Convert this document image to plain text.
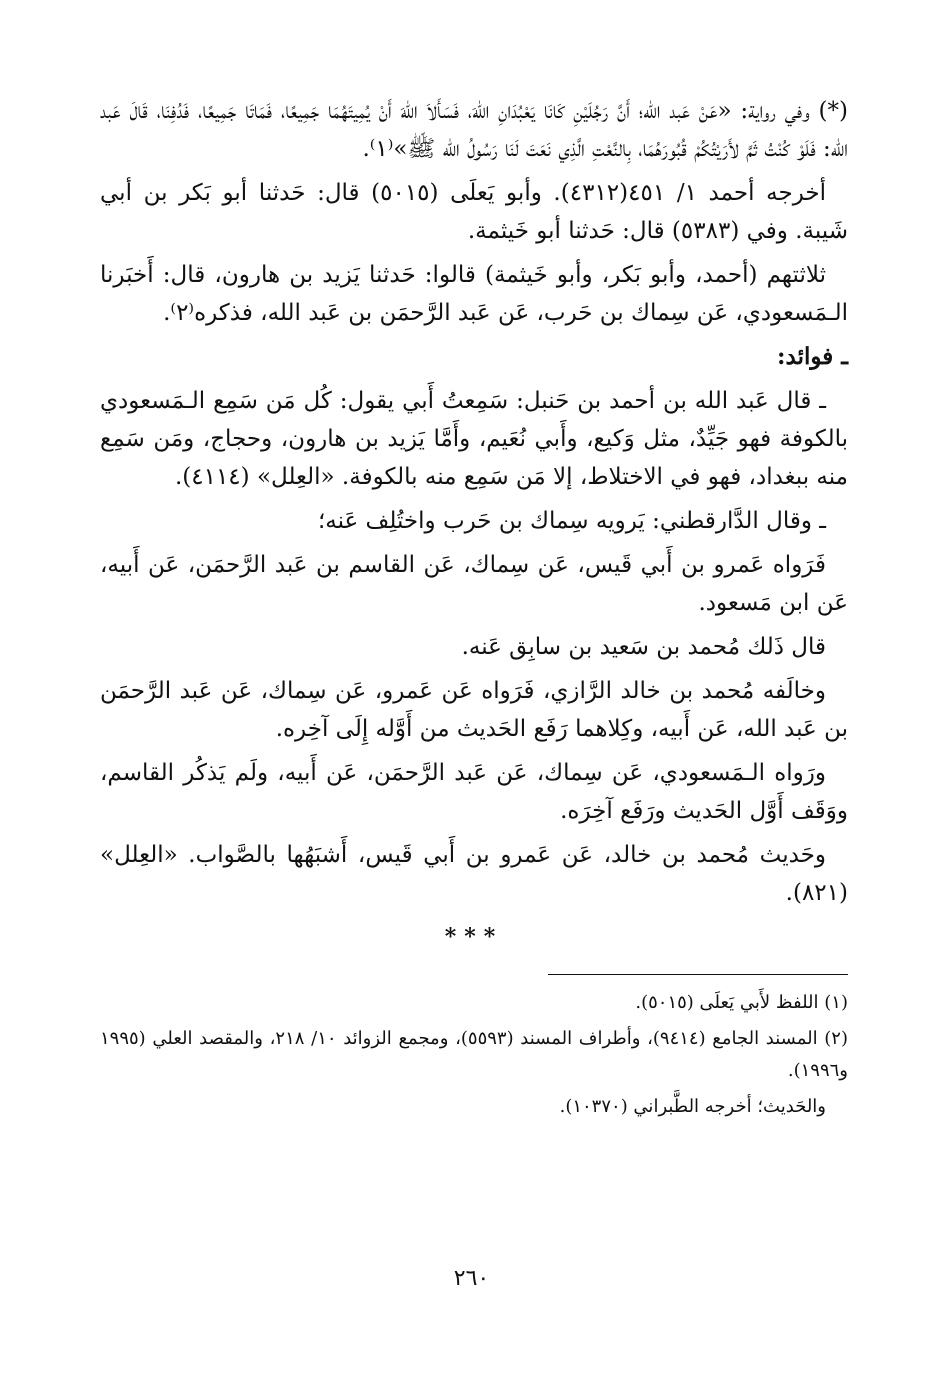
(*) وفي رواية: «عَنْ عَبد الله؛ أَنَّ رَجُلَيْنِ كَانَا يَعْبُدَانِ اللهَ، فَسَأَلاَ اللهَ أَنْ يُمِيتَهُمَا جَمِيعًا، فَمَاتَا جَمِيعًا، فَدُفِنَا، قَالَ عَبد الله: فَلَوْ كُنْتُ ثَمَّ لأَرَيْتُكُمْ قُبُورَهُمَا، بِالنَّعْتِ الَّذِي نَعَتَ لَنَا رَسُولُ الله ﷺ»⁽١⁾.

أخرجه أحمد ١/ ٤٥١(٤٣١٢). وأبو يَعلَى (٥٠١٥) قال: حَدثنا أبو بَكر بن أبي شَيبة. وفي (٥٣٨٣) قال: حَدثنا أبو خَيثمة.

ثلاثتهم (أحمد، وأبو بَكر، وأبو خَيثمة) قالوا: حَدثنا يَزيد بن هارون، قال: أَخبَرنا الـمَسعودي، عَن سِماك بن حَرب، عَن عَبد الرَّحمَن بن عَبد الله، فذكره⁽٢⁾.

ـ فوائد:

ـ قال عَبد الله بن أحمد بن حَنبل: سَمِعتُ أَبي يقول: كُل مَن سَمِع الـمَسعودي بالكوفة فهو جَيِّدٌ، مثل وَكيع، وأَبي نُعَيم، وأَمَّا يَزيد بن هارون، وحجاج، ومَن سَمِع منه ببغداد، فهو في الاختلاط، إلا مَن سَمِع منه بالكوفة. «العِلل» (٤١١٤).

ـ وقال الدَّارقطني: يَرويه سِماك بن حَرب واختُلِف عَنه؛

فَرَواه عَمرو بن أَبي قَيس، عَن سِماك، عَن القاسم بن عَبد الرَّحمَن، عَن أَبيه، عَن ابن مَسعود.

قال ذَلك مُحمد بن سَعيد بن سابِق عَنه.

وخالَفه مُحمد بن خالد الرَّازي، فَرَواه عَن عَمرو، عَن سِماك، عَن عَبد الرَّحمَن بن عَبد الله، عَن أَبيه، وكِلاهما رَفَع الحَديث من أَوَّله إِلَى آخِره.

ورَواه الـمَسعودي، عَن سِماك، عَن عَبد الرَّحمَن، عَن أَبيه، ولَم يَذكُر القاسم، ووَقَف أَوَّل الحَديث ورَفَع آخِرَه.

وحَديث مُحمد بن خالد، عَن عَمرو بن أَبي قَيس، أَشبَهُها بالصَّواب. «العِلل» (٨٢١).

***

(١) اللفظ لأَبي يَعلَى (٥٠١٥).

(٢) المسند الجامع (٩٤١٤)، وأطراف المسند (٥٥٩٣)، ومجمع الزوائد ١٠/ ٢١٨، والمقصد العلي (١٩٩٥ و١٩٩٦).

والحَديث؛ أخرجه الطَّبراني (١٠٣٧٠).

٢٦٠
